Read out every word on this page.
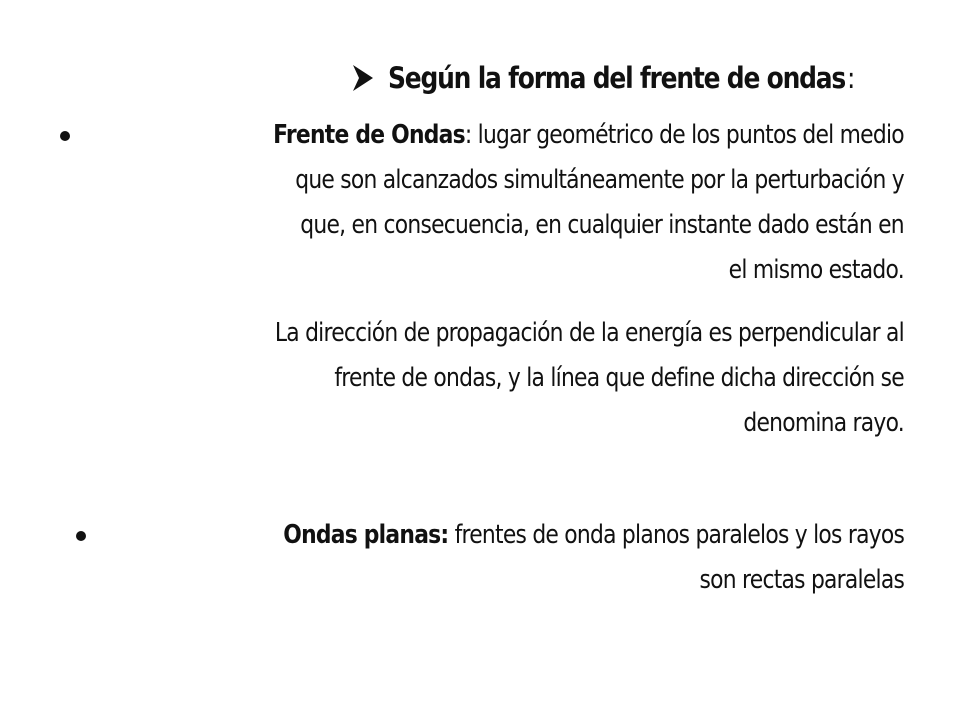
Según la forma del frente de ondas :
Frente de Ondas: lugar geométrico de los puntos del medio
que son alcanzados simultáneamente por la perturbación y
que, en consecuencia, en cualquier instante dado están en
el mismo estado.
La dirección de propagación de la energía es perpendicular al
frente de ondas, y la línea que define dicha dirección se
denomina rayo.
Ondas planas: frentes de onda planos paralelos y los rayos
son rectas paralelas
